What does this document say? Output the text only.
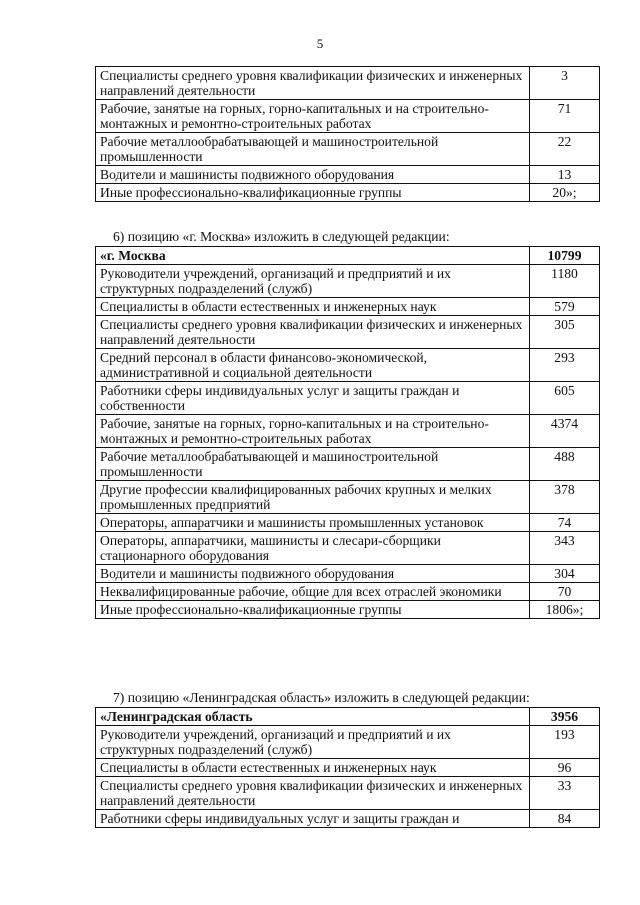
5
Специалисты среднего уровня квалификации физических и инженерных направлений деятельности	3
Рабочие, занятые на горных, горно-капитальных и на строительно-монтажных и ремонтно-строительных работах	71
Рабочие металлообрабатывающей и машиностроительной промышленности	22
Водители и машинисты подвижного оборудования	13
Иные профессионально-квалификационные группы	20»;
6) позицию «г. Москва» изложить в следующей редакции:
«г. Москва	10799
Руководители учреждений, организаций и предприятий и их структурных подразделений (служб)	1180
Специалисты в области естественных и инженерных наук	579
Специалисты среднего уровня квалификации физических и инженерных направлений деятельности	305
Средний персонал в области финансово-экономической, административной и социальной деятельности	293
Работники сферы индивидуальных услуг и защиты граждан и собственности	605
Рабочие, занятые на горных, горно-капитальных и на строительно-монтажных и ремонтно-строительных работах	4374
Рабочие металлообрабатывающей и машиностроительной промышленности	488
Другие профессии квалифицированных рабочих крупных и мелких промышленных предприятий	378
Операторы, аппаратчики и машинисты промышленных установок	74
Операторы, аппаратчики, машинисты и слесари-сборщики стационарного оборудования	343
Водители и машинисты подвижного оборудования	304
Неквалифицированные рабочие, общие для всех отраслей экономики	70
Иные профессионально-квалификационные группы	1806»;
7) позицию «Ленинградская область» изложить в следующей редакции:
«Ленинградская область	3956
Руководители учреждений, организаций и предприятий и их структурных подразделений (служб)	193
Специалисты в области естественных и инженерных наук	96
Специалисты среднего уровня квалификации физических и инженерных направлений деятельности	33
Работники сферы индивидуальных услуг и защиты граждан и	84
